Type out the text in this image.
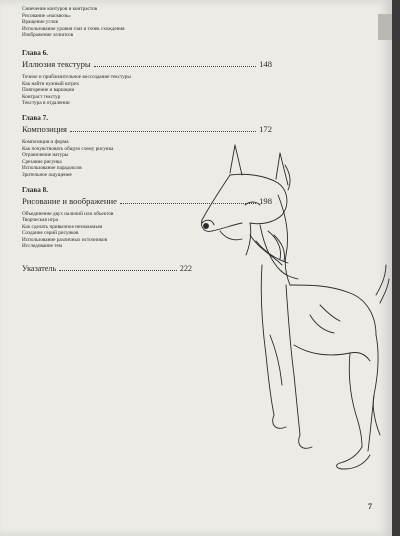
Сниечение контуров и контрастов
Рисование «насквозь»
Вращение углов
Использование уровня глаз и точек схождения
Изображение эллипсов
Глава 6.
Иллюзия текстуры	148
Точное и приблизительное воссоздание текстуры
Как найти нужный штрих
Повторение и вариации
Контраст текстур
Текстура в отдалении
Глава 7.
Композиция	172
Композиция и форма
Как почувствовать общую схему рисунка
Ограничение натуры
Срезание рисунка
Использование парадоксов
Зрительное ощущение
Глава 8.
Рисование и воображение	198
Объединение двух наличий или объектов
Творческая игра
Как сделать привычное незнакомым
Создание серий рисунков
Использование различных источников
Исследование тем
Указатель	222
7
